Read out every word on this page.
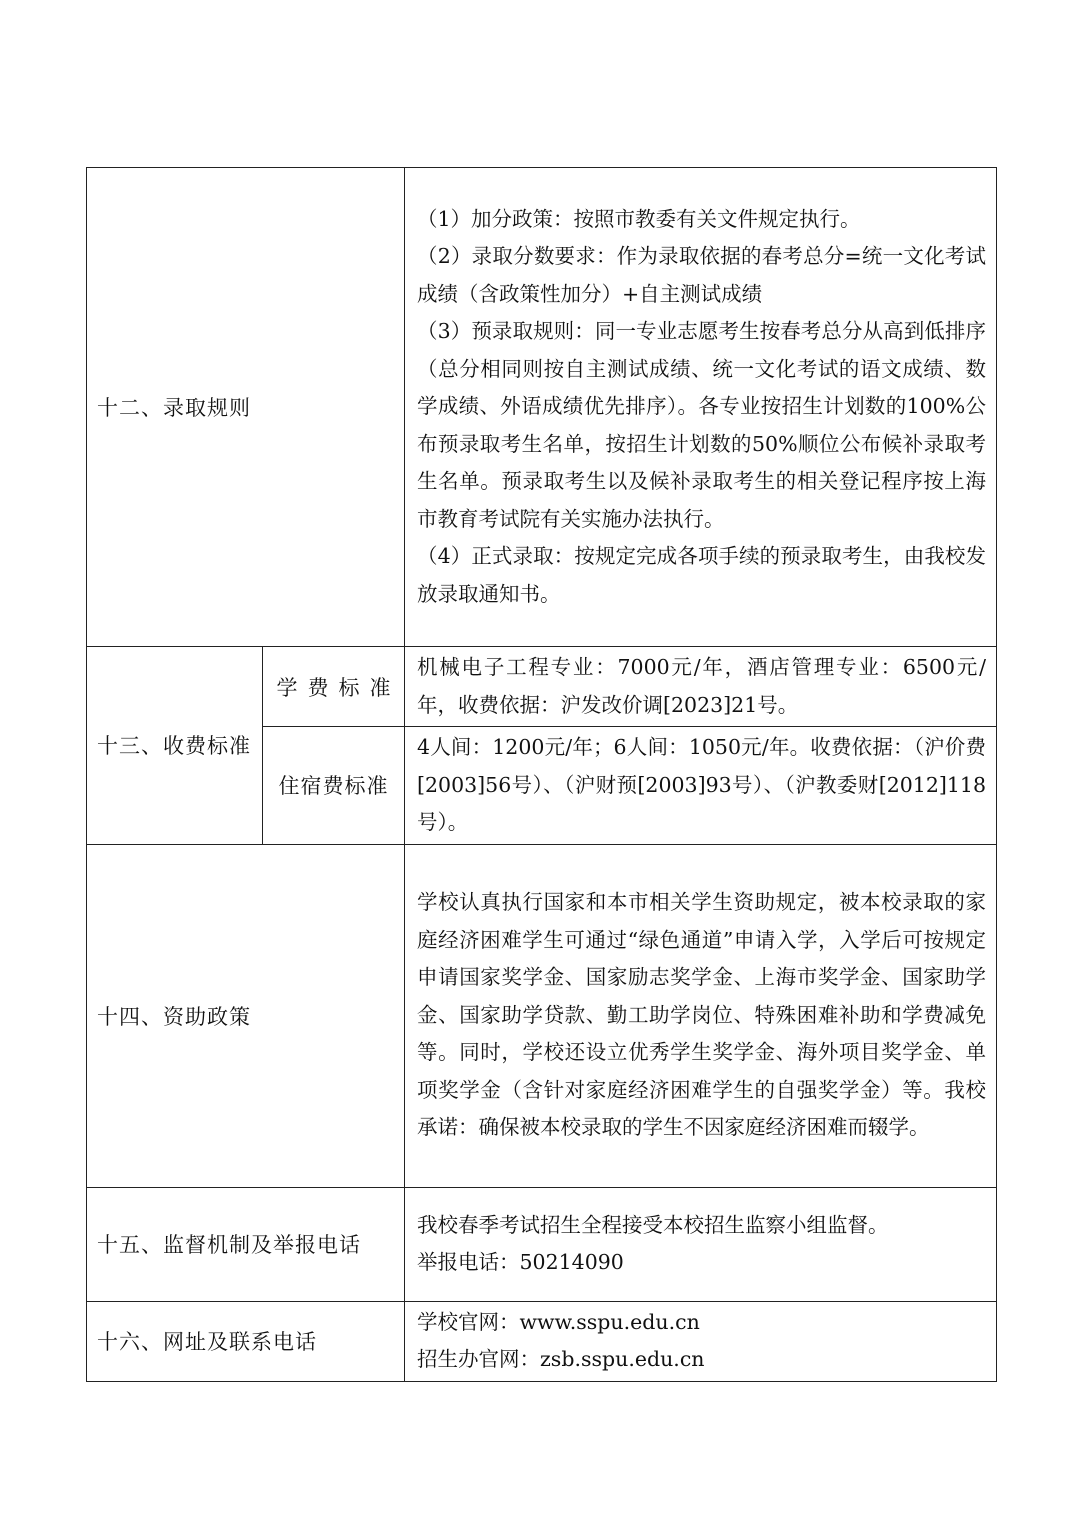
十二、录取规则		（1）加分政策：按照市教委有关文件规定执行。

（2）录取分数要求：作为录取依据的春考总分=统一文化考试成绩（含政策性加分）+自主测试成绩

（3）预录取规则：同一专业志愿考生按春考总分从高到低排序（总分相同则按自主测试成绩、统一文化考试的语文成绩、数学成绩、外语成绩优先排序）。各专业按招生计划数的100%公布预录取考生名单，按招生计划数的50%顺位公布候补录取考生名单。预录取考生以及候补录取考生的相关登记程序按上海市教育考试院有关实施办法执行。

（4）正式录取：按规定完成各项手续的预录取考生，由我校发放录取通知书。

十三、收费标准	学费标准	机械电子工程专业：7000元/年，酒店管理专业：6500元/年，收费依据：沪发改价调[2023]21号。
	住宿费标准	4人间：1200元/年；6人间：1050元/年。收费依据：（沪价费[2003]56号）、（沪财预[2003]93号）、（沪教委财[2012]118号）。
十四、资助政策		学校认真执行国家和本市相关学生资助规定，被本校录取的家庭经济困难学生可通过“绿色通道”申请入学，入学后可按规定申请国家奖学金、国家励志奖学金、上海市奖学金、国家助学金、国家助学贷款、勤工助学岗位、特殊困难补助和学费减免等。同时，学校还设立优秀学生奖学金、海外项目奖学金、单项奖学金（含针对家庭经济困难学生的自强奖学金）等。我校承诺：确保被本校录取的学生不因家庭经济困难而辍学。
十五、监督机制及举报电话		我校春季考试招生全程接受本校招生监察小组监督。

举报电话：50214090

十六、网址及联系电话		学校官网：www.sspu.edu.cn

招生办官网：zsb.sspu.edu.cn
